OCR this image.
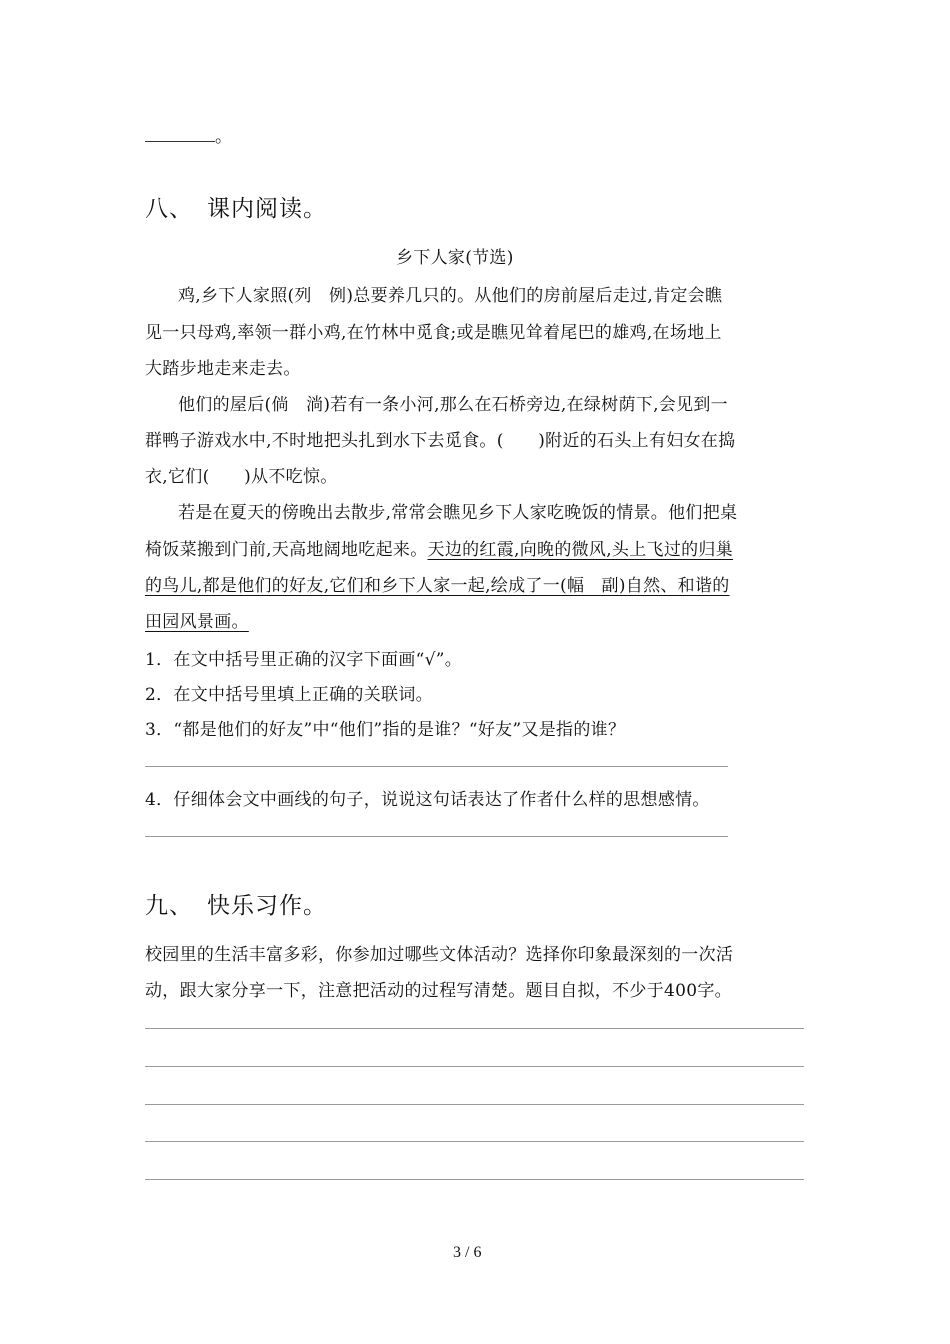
。
八、 课内阅读。
乡下人家(节选)
鸡,乡下人家照(列　例)总要养几只的。从他们的房前屋后走过,肯定会瞧
见一只母鸡,率领一群小鸡,在竹林中觅食;或是瞧见耸着尾巴的雄鸡,在场地上
大踏步地走来走去。
他们的屋后(倘　淌)若有一条小河,那么在石桥旁边,在绿树荫下,会见到一
群鸭子游戏水中,不时地把头扎到水下去觅食。(　　)附近的石头上有妇女在捣
衣,它们(　　)从不吃惊。
若是在夏天的傍晚出去散步,常常会瞧见乡下人家吃晚饭的情景。他们把桌
椅饭菜搬到门前,天高地阔地吃起来。天边的红霞,向晚的微风,头上飞过的归巢
的鸟儿,都是他们的好友,它们和乡下人家一起,绘成了一(幅　副)自然、和谐的
田园风景画。
1．在文中括号里正确的汉字下面画“√”。
2．在文中括号里填上正确的关联词。
3．“都是他们的好友”中“他们”指的是谁？“好友”又是指的谁？
4．仔细体会文中画线的句子，说说这句话表达了作者什么样的思想感情。
九、 快乐习作。
校园里的生活丰富多彩，你参加过哪些文体活动？选择你印象最深刻的一次活
动，跟大家分享一下，注意把活动的过程写清楚。题目自拟，不少于400字。
3 / 6
